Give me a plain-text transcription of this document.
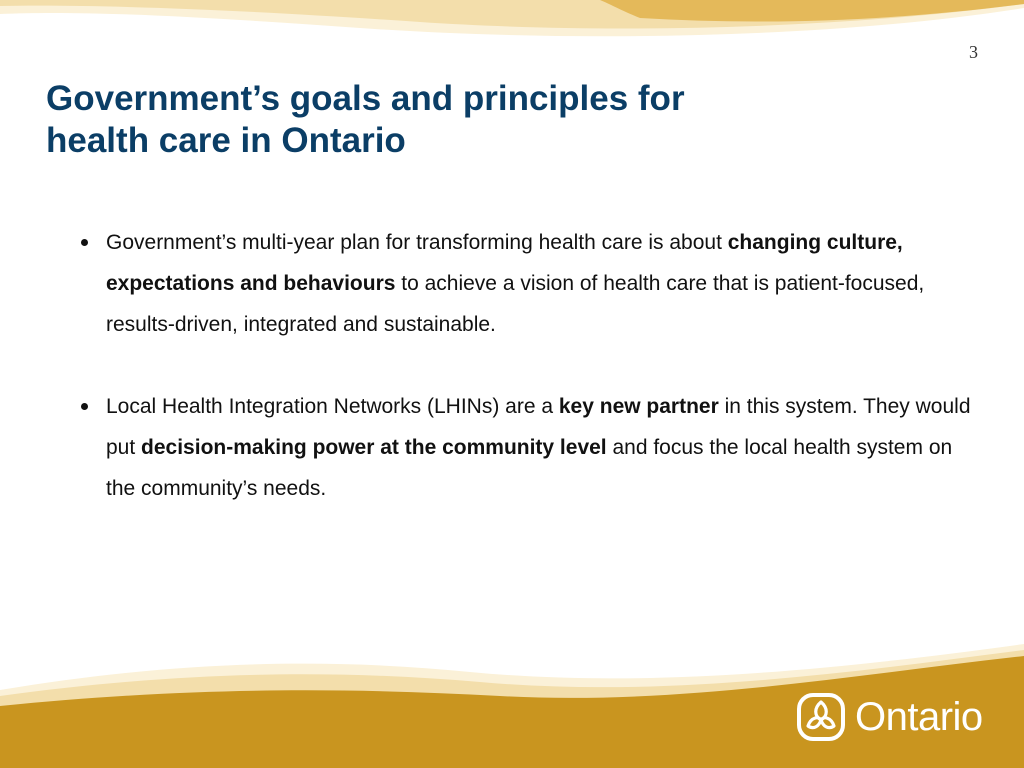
3
Government’s goals and principles for
health care in Ontario
Government’s multi-year plan for transforming health care is about changing culture, expectations and behaviours to achieve a vision of health care that is patient-focused, results-driven, integrated and sustainable.
Local Health Integration Networks (LHINs) are a key new partner in this system. They would put decision-making power at the community level and focus the local health system on the community’s needs.
Ontario
